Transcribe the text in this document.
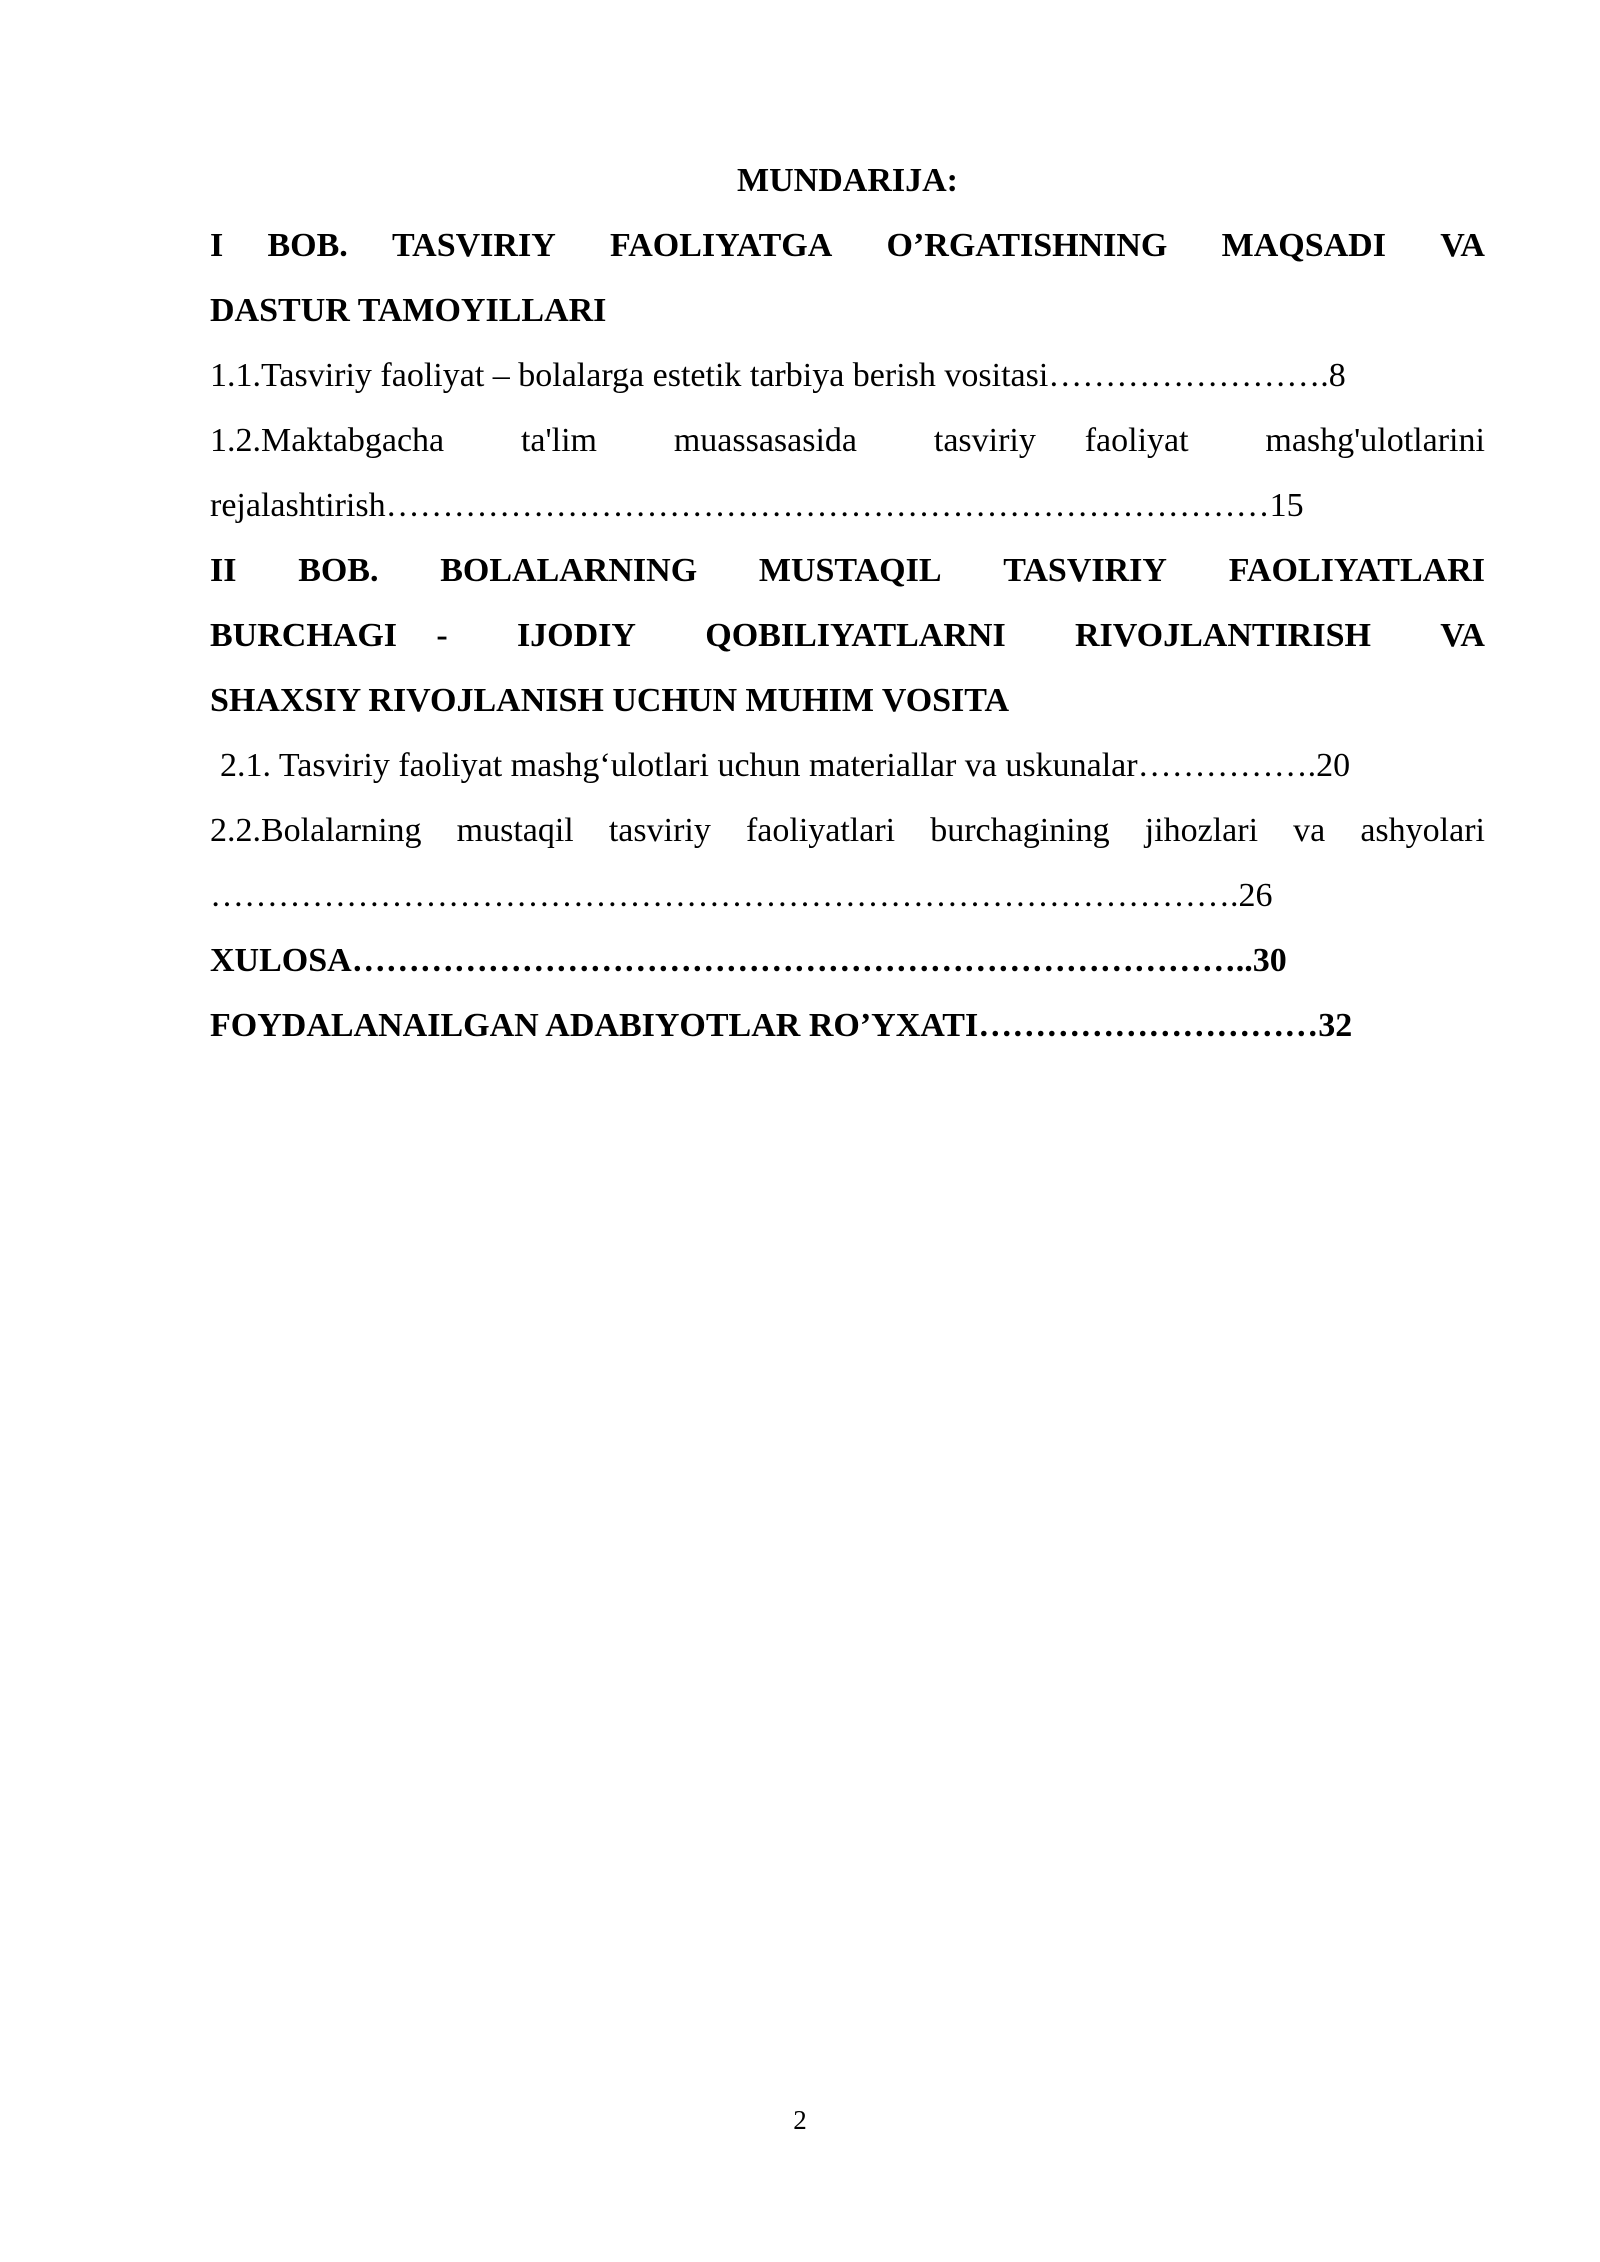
MUNDARIJA:

I BOB. TASVIRIY FAOLIYATGA O’RGATISHNING MAQSADI VA

DASTUR TAMOYILLARI

1.1.Tasviriy faoliyat – bolalarga estetik tarbiya berish vositasi…………………….8

1.2.Maktabgacha ta'lim muassasasida tasviriy faoliyat mashg'ulotlarini

rejalashtirish……………………………………………………………………15

II BOB. BOLALARNING MUSTAQIL TASVIRIY FAOLIYATLARI
BURCHAGI - IJODIY QOBILIYATLARNI RIVOJLANTIRISH VA

SHAXSIY RIVOJLANISH UCHUN MUHIM VOSITA

2.1. Tasviriy faoliyat mashg‘ulotlari uchun materiallar va uskunalar…………….20

2.2.Bolalarning mustaqil tasviriy faoliyatlari burchagining jihozlari va ashyolari

……………………………………………………………………………….26

XULOSA……………………………………………………………………..30

FOYDALANAILGAN ADABIYOTLAR RO’YXATI…………………………32

2
